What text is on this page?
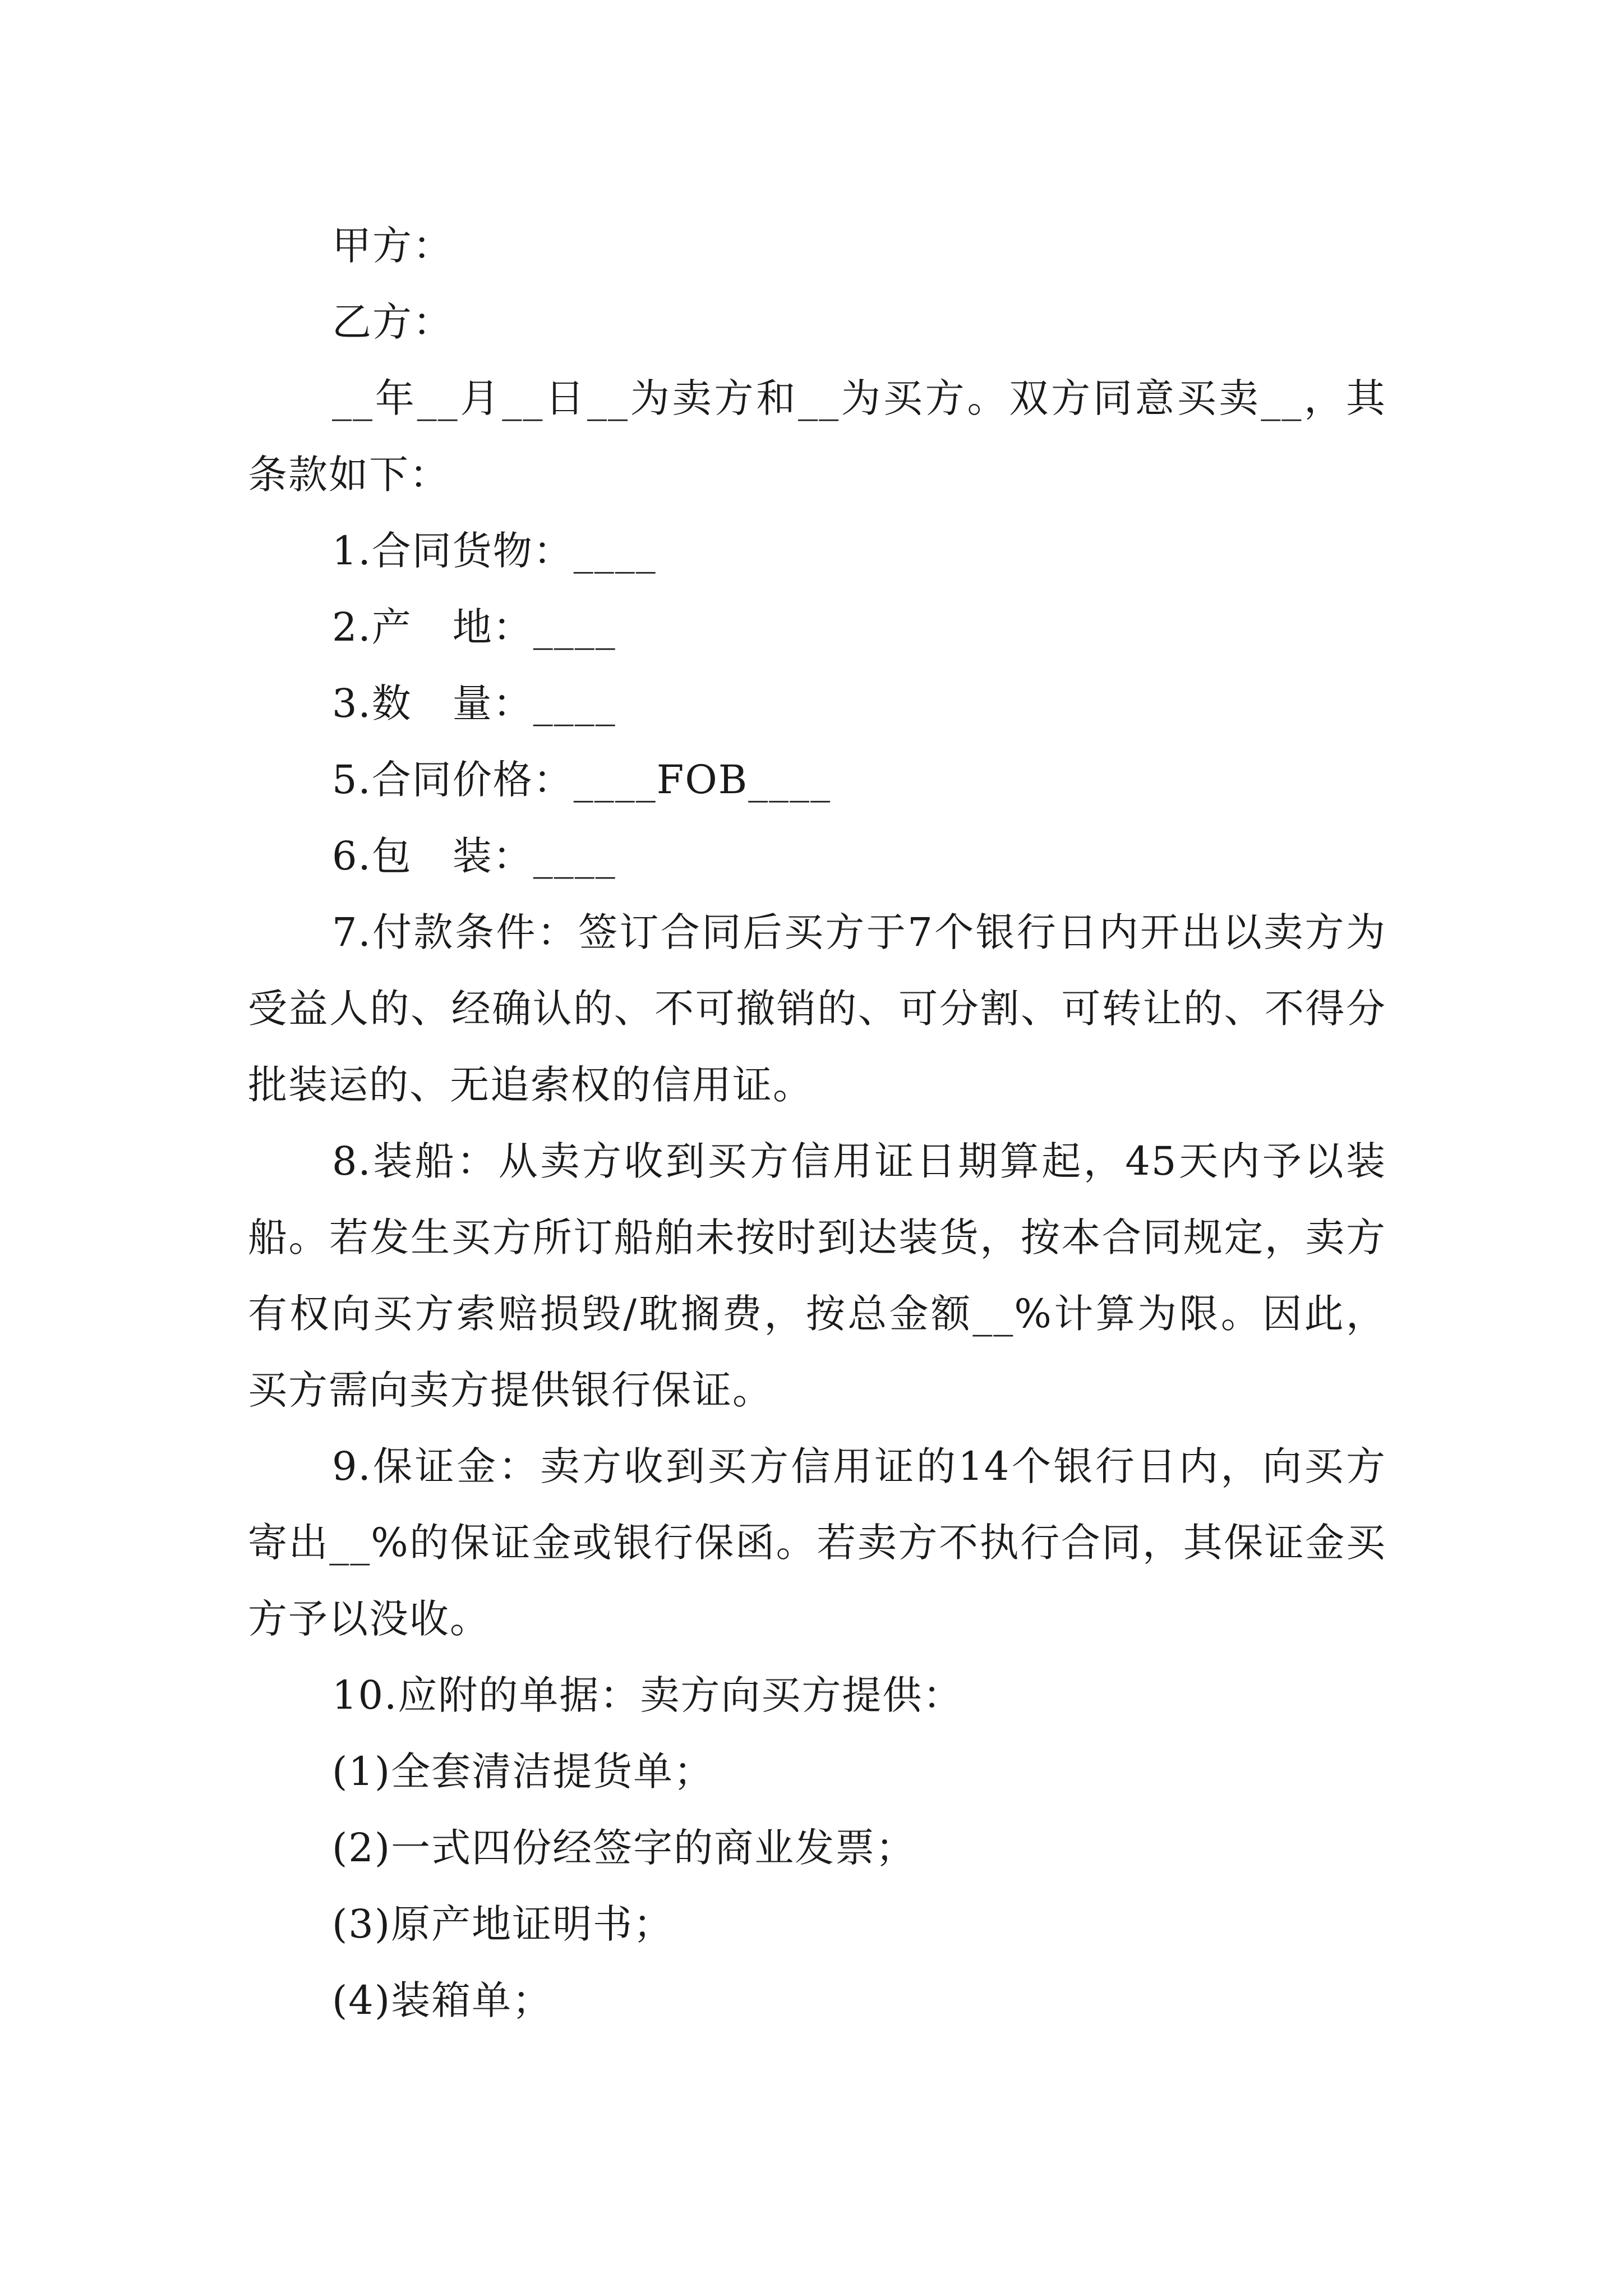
甲方：

乙方：

__年__月__日__为卖方和__为买方。双方同意买卖__，其条款如下：

1.合同货物：____

2.产　地：____

3.数　量：____

5.合同价格：____FOB____

6.包　装：____

7.付款条件：签订合同后买方于7个银行日内开出以卖方为受益人的、经确认的、不可撤销的、可分割、可转让的、不得分批装运的、无追索权的信用证。

8.装船：从卖方收到买方信用证日期算起，45天内予以装船。若发生买方所订船舶未按时到达装货，按本合同规定，卖方有权向买方索赔损毁/耽搁费，按总金额__%计算为限。因此，买方需向卖方提供银行保证。

9.保证金：卖方收到买方信用证的14个银行日内，向买方寄出__%的保证金或银行保函。若卖方不执行合同，其保证金买方予以没收。

10.应附的单据：卖方向买方提供：

(1)全套清洁提货单；

(2)一式四份经签字的商业发票；

(3)原产地证明书；

(4)装箱单；
